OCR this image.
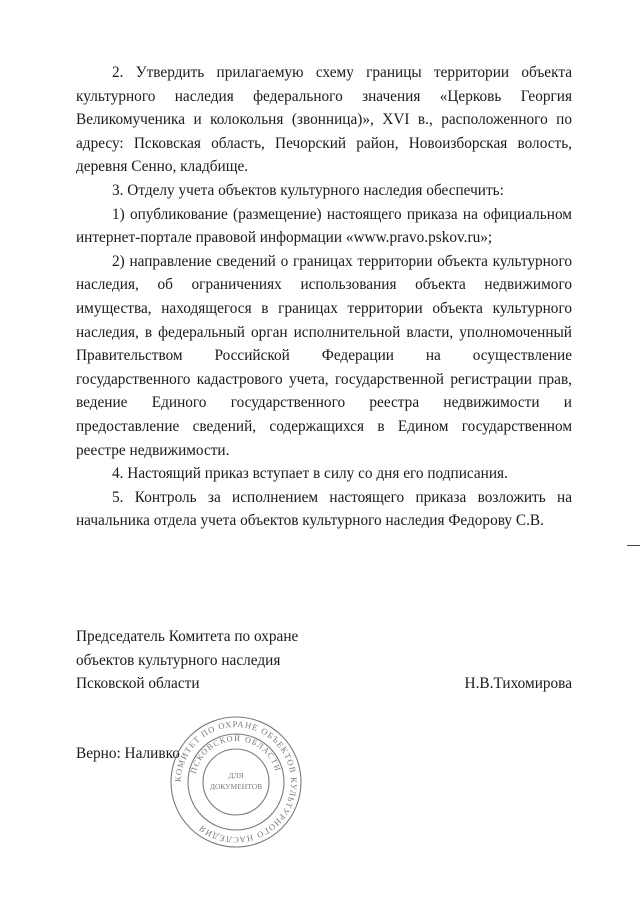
2. Утвердить прилагаемую схему границы территории объекта культурного наследия федерального значения «Церковь Георгия Великомученика и колокольня (звонница)», XVI в., расположенного по адресу: Псковская область, Печорский район, Новоизборская волость, деревня Сенно, кладбище.

3. Отделу учета объектов культурного наследия обеспечить:

1) опубликование (размещение) настоящего приказа на официальном интернет-портале правовой информации «www.pravo.pskov.ru»;

2) направление сведений о границах территории объекта культурного наследия, об ограничениях использования объекта недвижимого имущества, находящегося в границах территории объекта культурного наследия, в федеральный орган исполнительной власти, уполномоченный Правительством Российской Федерации на осуществление государственного кадастрового учета, государственной регистрации прав, ведение Единого государственного реестра недвижимости и предоставление сведений, содержащихся в Едином государственном реестре недвижимости.

4. Настоящий приказ вступает в силу со дня его подписания.

5. Контроль за исполнением настоящего приказа возложить на начальника отдела учета объектов культурного наследия Федорову С.В.

Председатель Комитета по охране
объектов культурного наследия
Псковской области	Н.В.Тихомирова
Верно: Наливко
КОМИТЕТ ПО ОХРАНЕ ОБЪЕКТОВ КУЛЬТУРНОГО НАСЛЕДИЯ
ПСКОВСКОЙ ОБЛАСТИ
ДЛЯ
ДОКУМЕНТОВ
